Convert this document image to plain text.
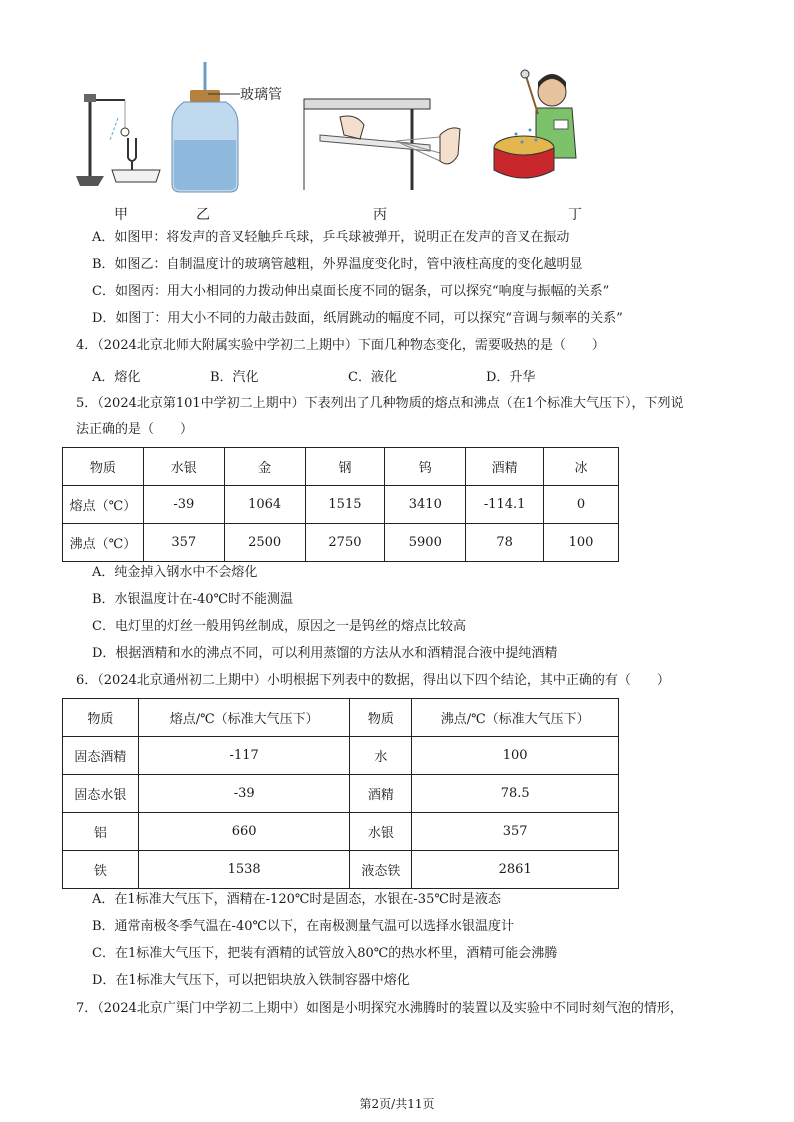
玻璃管
甲	乙	丙	丁
A．如图甲：将发声的音叉轻触乒乓球，乒乓球被弹开，说明正在发声的音叉在振动
B．如图乙：自制温度计的玻璃管越粗，外界温度变化时，管中液柱高度的变化越明显
C．如图丙：用大小相同的力拨动伸出桌面长度不同的锯条，可以探究“响度与振幅的关系”
D．如图丁：用大小不同的力敲击鼓面，纸屑跳动的幅度不同，可以探究“音调与频率的关系”
4．（2024北京北师大附属实验中学初二上期中）下面几种物态变化，需要吸热的是（　　）
A．熔化	B．汽化	C．液化	D．升华
5．（2024北京第101中学初二上期中）下表列出了几种物质的熔点和沸点（在1个标准大气压下），下列说
法正确的是（　　）
物质	水银	金	钢	钨	酒精	冰
熔点（℃）	-39	1064	1515	3410	-114.1	0
沸点（℃）	357	2500	2750	5900	78	100
A．纯金掉入钢水中不会熔化
B．水银温度计在-40℃时不能测温
C．电灯里的灯丝一般用钨丝制成，原因之一是钨丝的熔点比较高
D．根据酒精和水的沸点不同，可以利用蒸馏的方法从水和酒精混合液中提纯酒精
6．（2024北京通州初二上期中）小明根据下列表中的数据，得出以下四个结论，其中正确的有（　　）
物质	熔点/℃（标准大气压下）	物质	沸点/℃（标准大气压下）
固态酒精	-117	水	100
固态水银	-39	酒精	78.5
铝	660	水银	357
铁	1538	液态铁	2861
A．在1标准大气压下，酒精在-120℃时是固态，水银在-35℃时是液态
B．通常南极冬季气温在-40℃以下，在南极测量气温可以选择水银温度计
C．在1标准大气压下，把装有酒精的试管放入80℃的热水杯里，酒精可能会沸腾
D．在1标准大气压下，可以把铝块放入铁制容器中熔化
7．（2024北京广渠门中学初二上期中）如图是小明探究水沸腾时的装置以及实验中不同时刻气泡的情形，
第2页/共11页
